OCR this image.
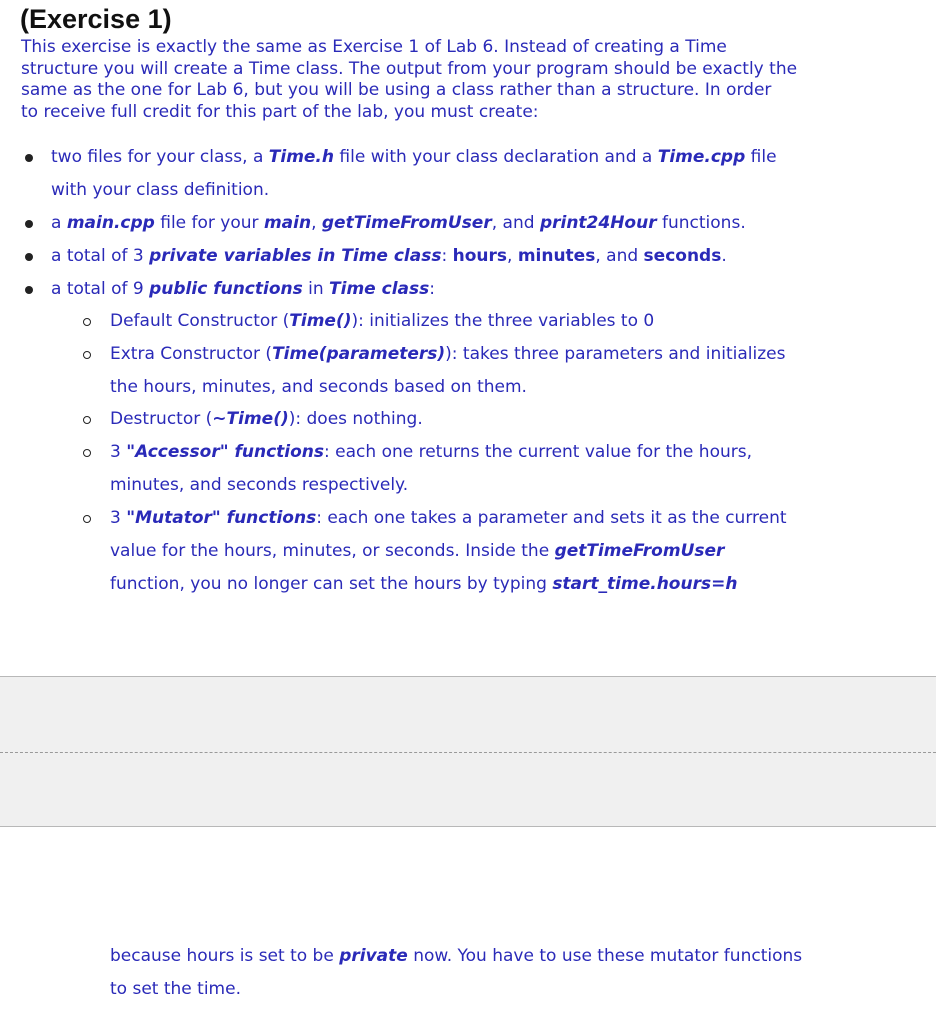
(Exercise 1)
This exercise is exactly the same as Exercise 1 of Lab 6. Instead of creating a Time
structure you will create a Time class. The output from your program should be exactly the
same as the one for Lab 6, but you will be using a class rather than a structure. In order
to receive full credit for this part of the lab, you must create:
two files for your class, a Time.h file with your class declaration and a Time.cpp file
with your class definition.
a main.cpp file for your main, getTimeFromUser, and print24Hour functions.
a total of 3 private variables in Time class: hours, minutes, and seconds.
a total of 9 public functions in Time class:
Default Constructor (Time()): initializes the three variables to 0
Extra Constructor (Time(parameters)): takes three parameters and initializes
the hours, minutes, and seconds based on them.
Destructor (~Time()): does nothing.
3 "Accessor" functions: each one returns the current value for the hours,
minutes, and seconds respectively.
3 "Mutator" functions: each one takes a parameter and sets it as the current
value for the hours, minutes, or seconds. Inside the getTimeFromUser
function, you no longer can set the hours by typing start_time.hours=h
because hours is set to be private now. You have to use these mutator functions
to set the time.
